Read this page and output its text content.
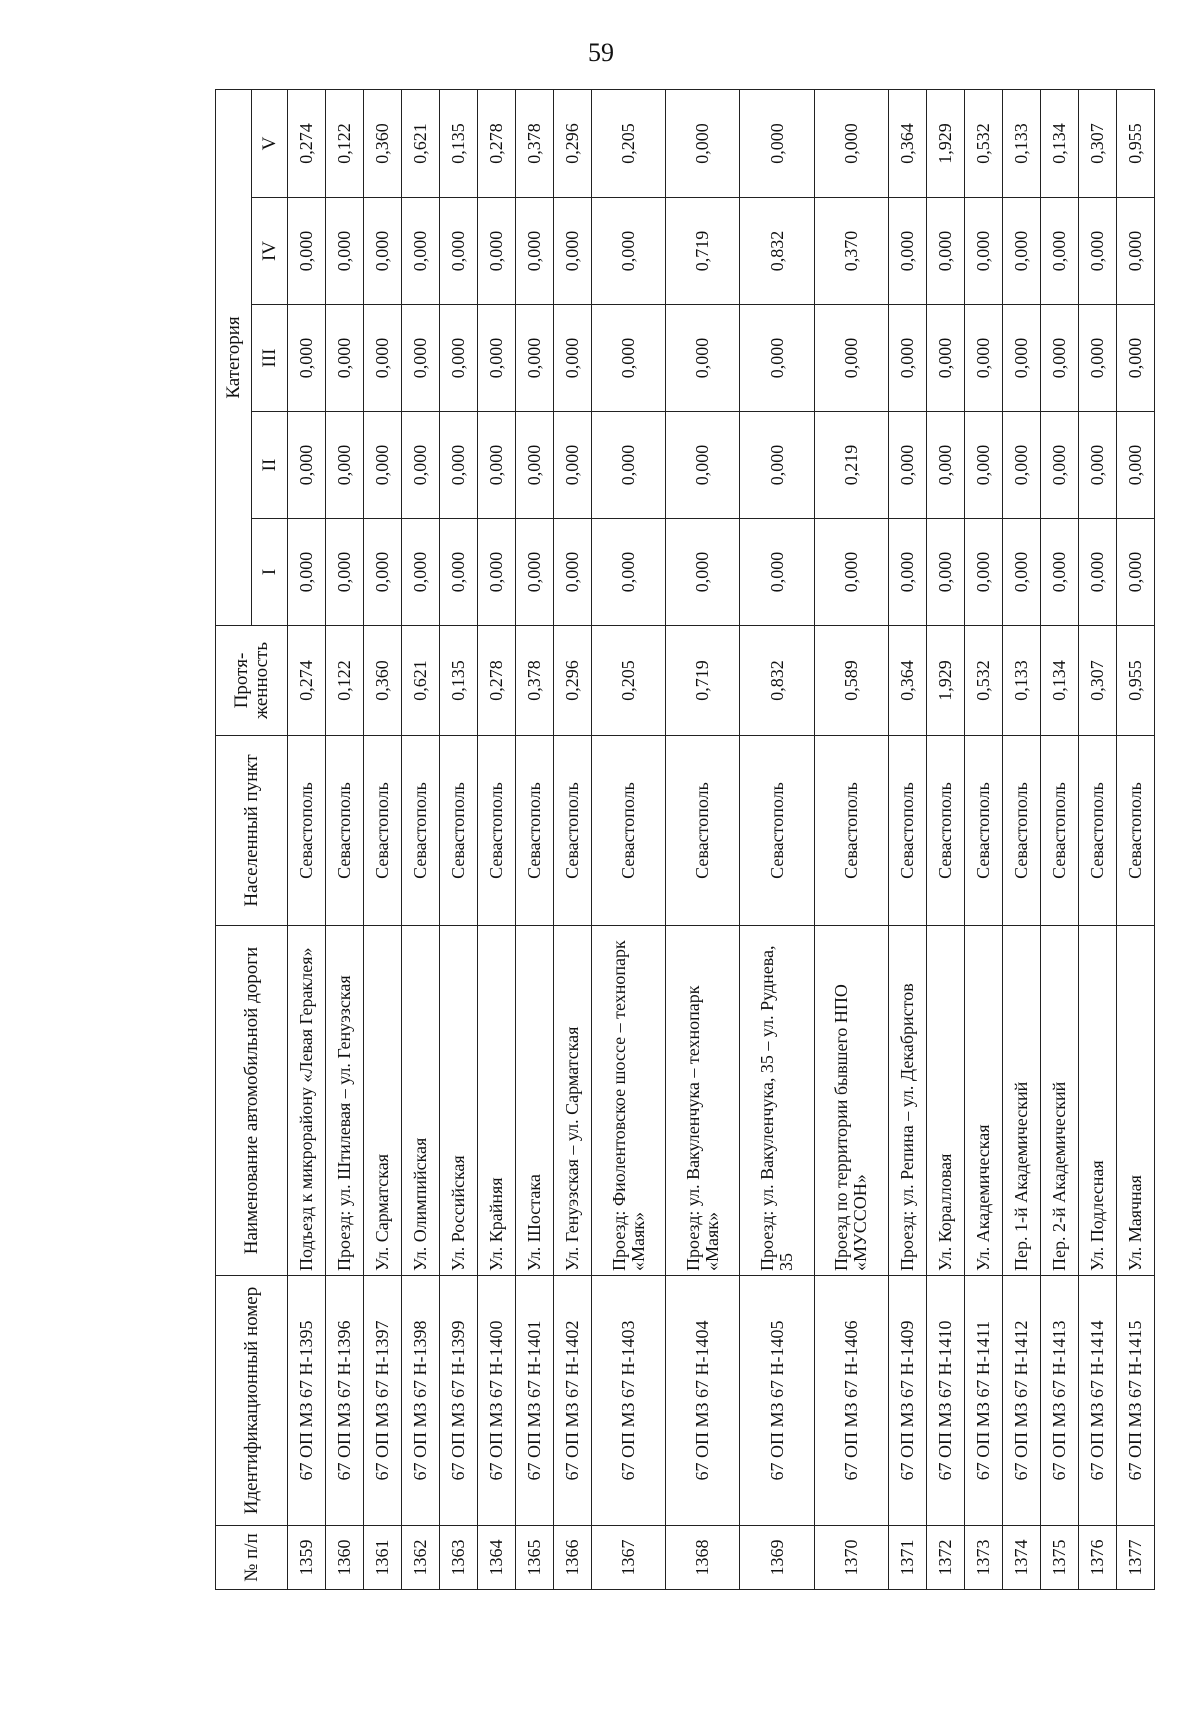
59
№ п/п	Идентификационный номер	Наименование автомобильной дороги	Населенный пункт	Протя-женность	Категория				
					I	II	III	IV	V
1359	67 ОП МЗ 67 Н-1395	Подъезд к микрорайону «Левая Гераклея»	Севастополь	0,274	0,000	0,000	0,000	0,000	0,274
1360	67 ОП МЗ 67 Н-1396	Проезд: ул. Штилевая – ул. Генуэзская	Севастополь	0,122	0,000	0,000	0,000	0,000	0,122
1361	67 ОП МЗ 67 Н-1397	Ул. Сарматская	Севастополь	0,360	0,000	0,000	0,000	0,000	0,360
1362	67 ОП МЗ 67 Н-1398	Ул. Олимпийская	Севастополь	0,621	0,000	0,000	0,000	0,000	0,621
1363	67 ОП МЗ 67 Н-1399	Ул. Российская	Севастополь	0,135	0,000	0,000	0,000	0,000	0,135
1364	67 ОП МЗ 67 Н-1400	Ул. Крайняя	Севастополь	0,278	0,000	0,000	0,000	0,000	0,278
1365	67 ОП МЗ 67 Н-1401	Ул. Шостака	Севастополь	0,378	0,000	0,000	0,000	0,000	0,378
1366	67 ОП МЗ 67 Н-1402	Ул. Генуэзская – ул. Сарматская	Севастополь	0,296	0,000	0,000	0,000	0,000	0,296
1367	67 ОП МЗ 67 Н-1403	Проезд: Фиолентовское шоссе – технопарк «Маяк»	Севастополь	0,205	0,000	0,000	0,000	0,000	0,205
1368	67 ОП МЗ 67 Н-1404	Проезд: ул. Вакуленчука – технопарк «Маяк»	Севастополь	0,719	0,000	0,000	0,000	0,719	0,000
1369	67 ОП МЗ 67 Н-1405	Проезд: ул. Вакуленчука, 35 – ул. Руднева, 35	Севастополь	0,832	0,000	0,000	0,000	0,832	0,000
1370	67 ОП МЗ 67 Н-1406	Проезд по территории бывшего НПО «МУССОН»	Севастополь	0,589	0,000	0,219	0,000	0,370	0,000
1371	67 ОП МЗ 67 Н-1409	Проезд: ул. Репина – ул. Декабристов	Севастополь	0,364	0,000	0,000	0,000	0,000	0,364
1372	67 ОП МЗ 67 Н-1410	Ул. Коралловая	Севастополь	1,929	0,000	0,000	0,000	0,000	1,929
1373	67 ОП МЗ 67 Н-1411	Ул. Академическая	Севастополь	0,532	0,000	0,000	0,000	0,000	0,532
1374	67 ОП МЗ 67 Н-1412	Пер. 1-й Академический	Севастополь	0,133	0,000	0,000	0,000	0,000	0,133
1375	67 ОП МЗ 67 Н-1413	Пер. 2-й Академический	Севастополь	0,134	0,000	0,000	0,000	0,000	0,134
1376	67 ОП МЗ 67 Н-1414	Ул. Подлесная	Севастополь	0,307	0,000	0,000	0,000	0,000	0,307
1377	67 ОП МЗ 67 Н-1415	Ул. Маячная	Севастополь	0,955	0,000	0,000	0,000	0,000	0,955
